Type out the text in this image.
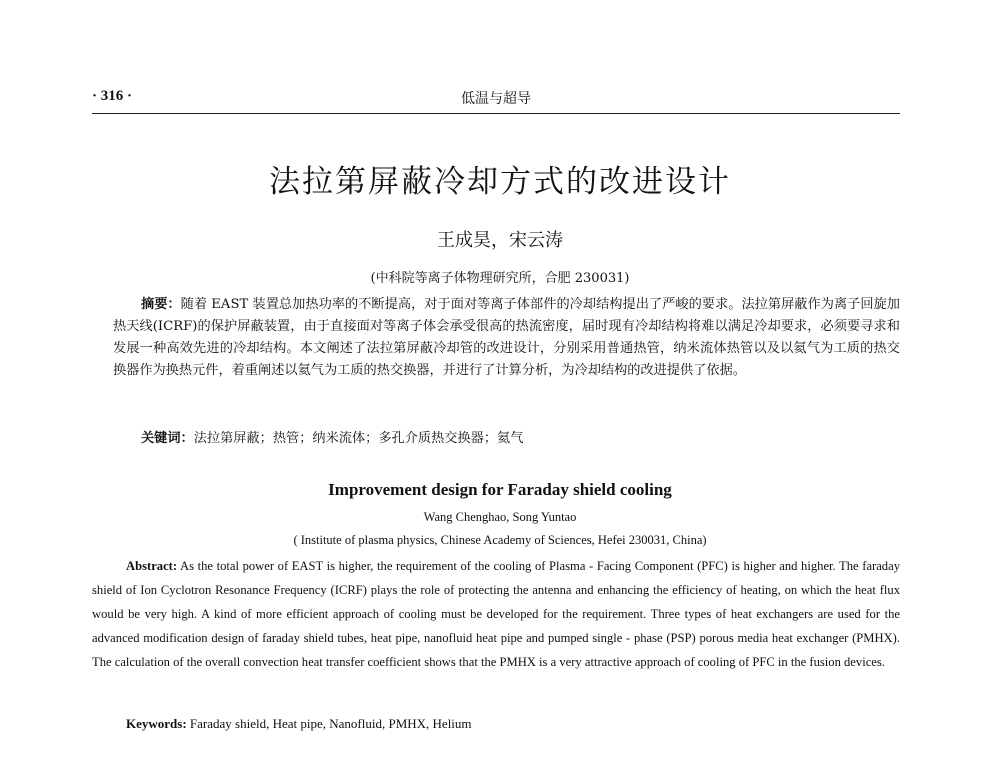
· 316 ·	低温与超导
法拉第屏蔽冷却方式的改进设计
王成昊，宋云涛
(中科院等离子体物理研究所，合肥 230031)
摘要：随着 EAST 装置总加热功率的不断提高，对于面对等离子体部件的冷却结构提出了严峻的要求。法拉第屏蔽作为离子回旋加热天线(ICRF)的保护屏蔽装置，由于直接面对等离子体会承受很高的热流密度，届时现有冷却结构将难以满足冷却要求，必须要寻求和发展一种高效先进的冷却结构。本文阐述了法拉第屏蔽冷却管的改进设计，分别采用普通热管，纳米流体热管以及以氦气为工质的热交换器作为换热元件，着重阐述以氦气为工质的热交换器，并进行了计算分析，为冷却结构的改进提供了依据。
关键词：法拉第屏蔽；热管；纳米流体；多孔介质热交换器；氦气
Improvement design for Faraday shield cooling
Wang Chenghao, Song Yuntao
( Institute of plasma physics, Chinese Academy of Sciences, Hefei 230031, China)
Abstract: As the total power of EAST is higher, the requirement of the cooling of Plasma - Facing Component (PFC) is higher and higher. The faraday shield of Ion Cyclotron Resonance Frequency (ICRF) plays the role of protecting the antenna and enhancing the efficiency of heating, on which the heat flux would be very high. A kind of more efficient approach of cooling must be developed for the requirement. Three types of heat exchangers are used for the advanced modification design of faraday shield tubes, heat pipe, nanofluid heat pipe and pumped single - phase (PSP) porous media heat exchanger (PMHX). The calculation of the overall convection heat transfer coefficient shows that the PMHX is a very attractive approach of cooling of PFC in the fusion devices.
Keywords: Faraday shield, Heat pipe, Nanofluid, PMHX, Helium
